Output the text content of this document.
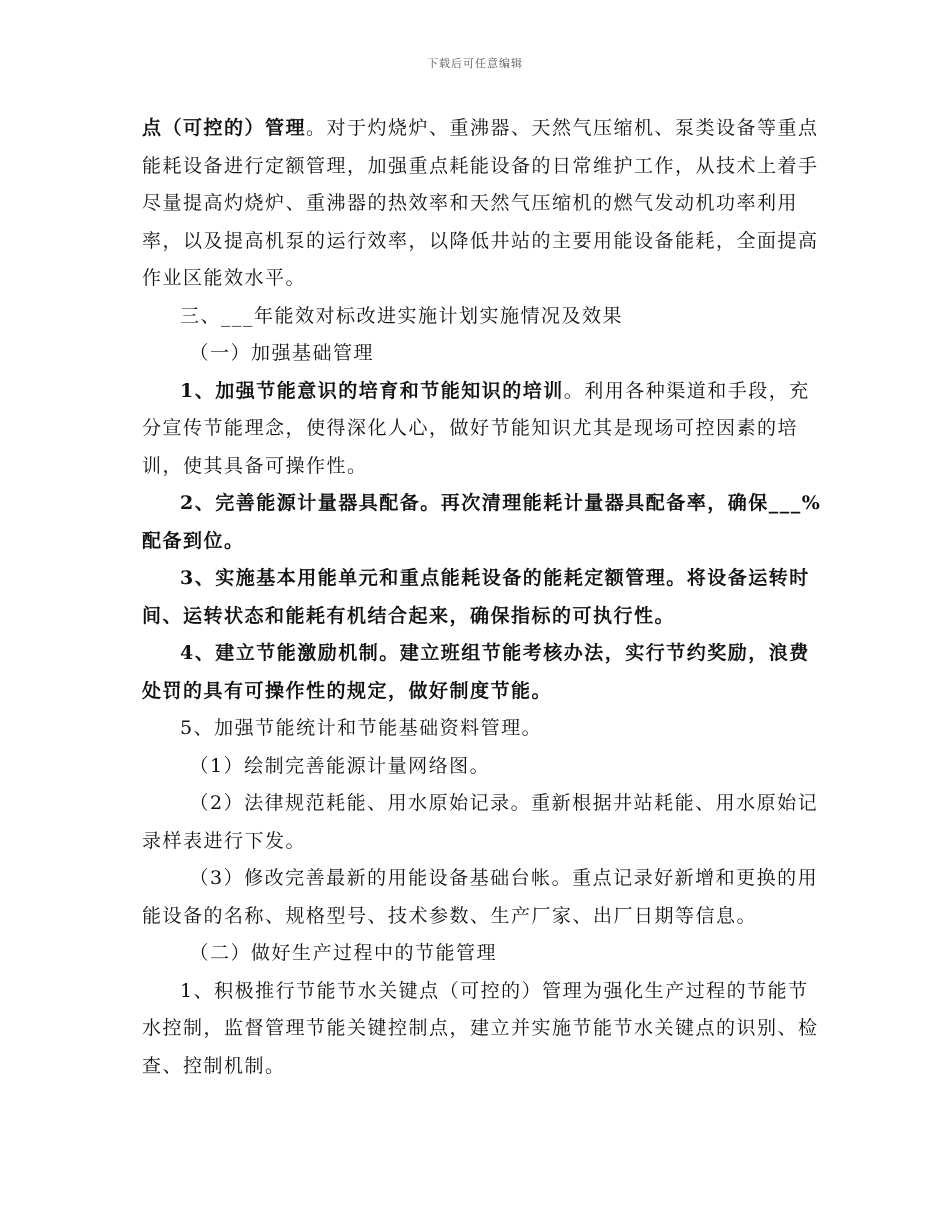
下载后可任意编辑

点（可控的）管理。对于灼烧炉、重沸器、天然气压缩机、泵类设备等重点能耗设备进行定额管理，加强重点耗能设备的日常维护工作，从技术上着手尽量提高灼烧炉、重沸器的热效率和天然气压缩机的燃气发动机功率利用率，以及提高机泵的运行效率，以降低井站的主要用能设备能耗，全面提高作业区能效水平。

三、___年能效对标改进实施计划实施情况及效果

（一）加强基础管理

1、加强节能意识的培育和节能知识的培训。利用各种渠道和手段，充分宣传节能理念，使得深化人心，做好节能知识尤其是现场可控因素的培训，使其具备可操作性。

2、完善能源计量器具配备。再次清理能耗计量器具配备率，确保___%配备到位。

3、实施基本用能单元和重点能耗设备的能耗定额管理。将设备运转时间、运转状态和能耗有机结合起来，确保指标的可执行性。

4、建立节能激励机制。建立班组节能考核办法，实行节约奖励，浪费处罚的具有可操作性的规定，做好制度节能。

5、加强节能统计和节能基础资料管理。

（1）绘制完善能源计量网络图。

（2）法律规范耗能、用水原始记录。重新根据井站耗能、用水原始记录样表进行下发。

（3）修改完善最新的用能设备基础台帐。重点记录好新增和更换的用能设备的名称、规格型号、技术参数、生产厂家、出厂日期等信息。

（二）做好生产过程中的节能管理

1、积极推行节能节水关键点（可控的）管理为强化生产过程的节能节水控制，监督管理节能关键控制点，建立并实施节能节水关键点的识别、检查、控制机制。
